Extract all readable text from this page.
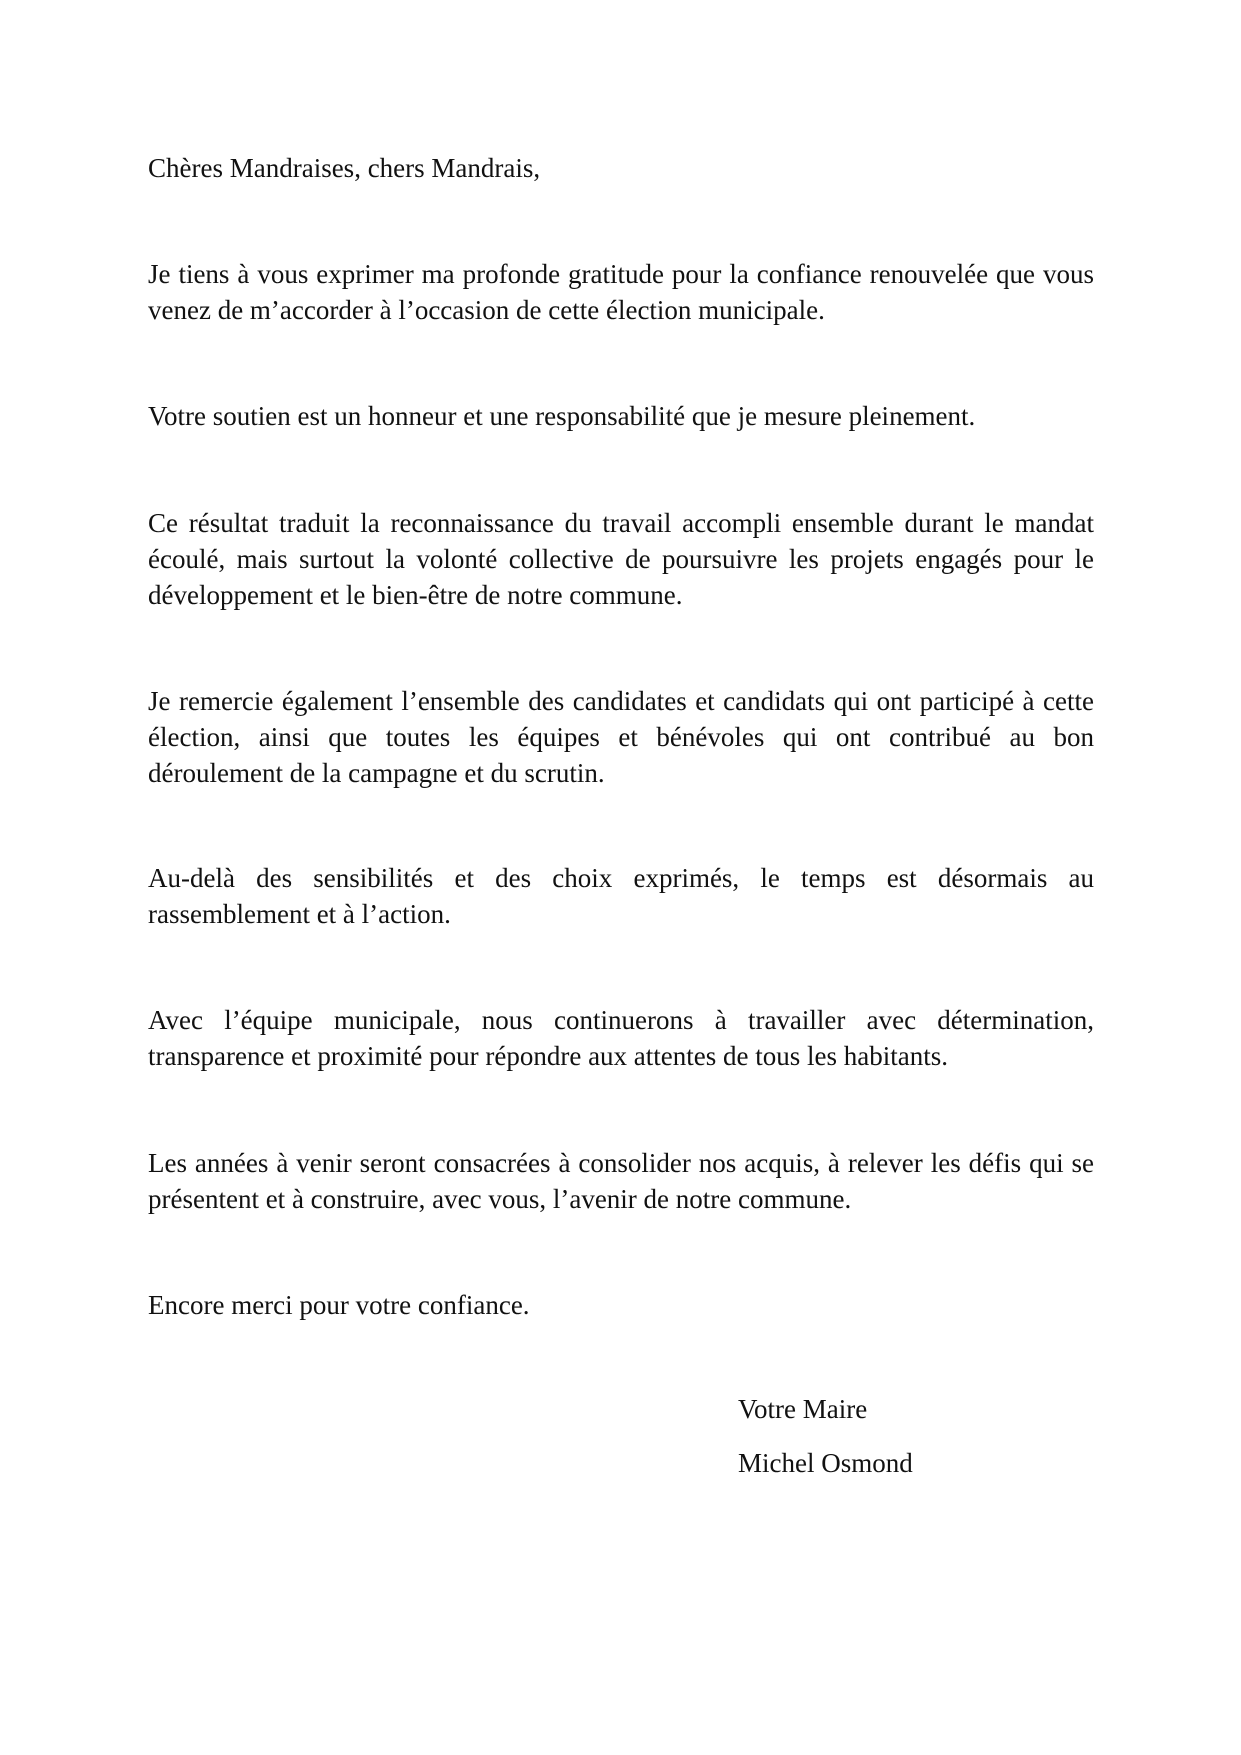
Chères Mandraises, chers Mandrais,

Je tiens à vous exprimer ma profonde gratitude pour la confiance renouvelée que vous venez de m’accorder à l’occasion de cette élection municipale.

Votre soutien est un honneur et une responsabilité que je mesure pleinement.

Ce résultat traduit la reconnaissance du travail accompli ensemble durant le mandat écoulé, mais surtout la volonté collective de poursuivre les projets engagés pour le développement et le bien-être de notre commune.

Je remercie également l’ensemble des candidates et candidats qui ont participé à cette élection, ainsi que toutes les équipes et bénévoles qui ont contribué au bon déroulement de la campagne et du scrutin.

Au-delà des sensibilités et des choix exprimés, le temps est désormais au rassemblement et à l’action.

Avec l’équipe municipale, nous continuerons à travailler avec détermination, transparence et proximité pour répondre aux attentes de tous les habitants.

Les années à venir seront consacrées à consolider nos acquis, à relever les défis qui se présentent et à construire, avec vous, l’avenir de notre commune.

Encore merci pour votre confiance.

Votre Maire
Michel Osmond
